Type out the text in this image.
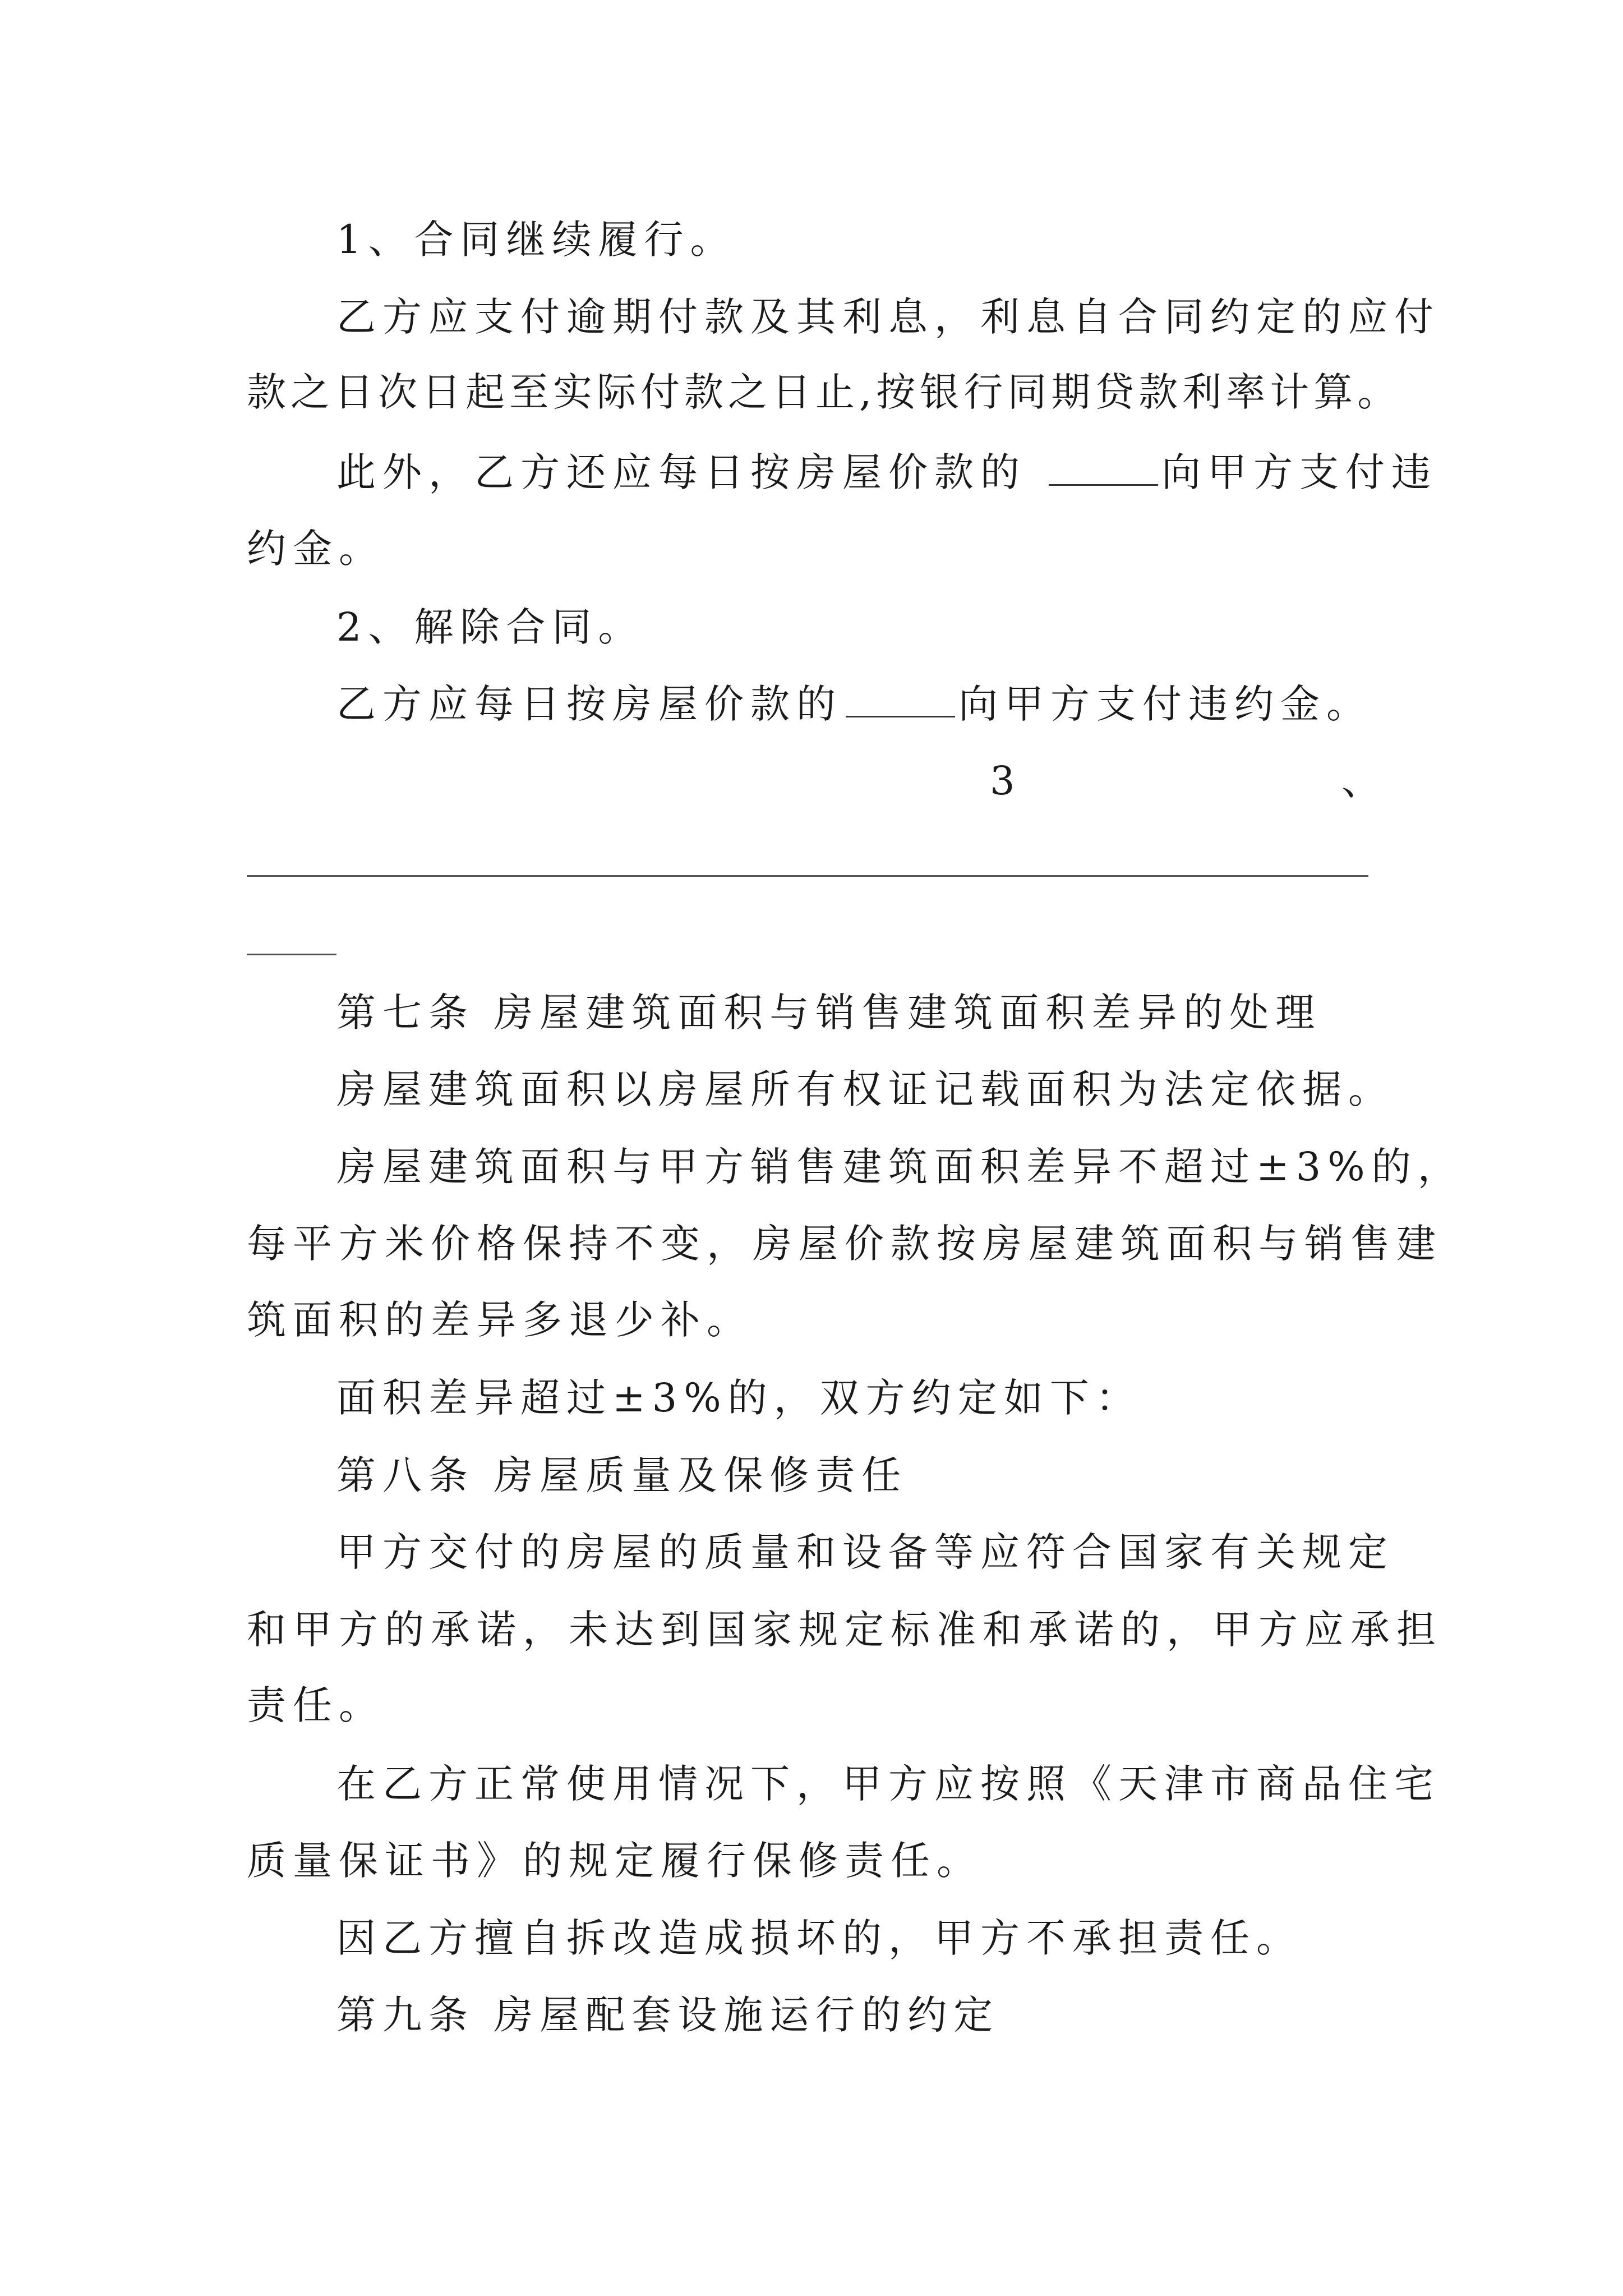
1、合同继续履行。
乙方应支付逾期付款及其利息，利息自合同约定的应付
款之日次日起至实际付款之日止,按银行同期贷款利率计算。
此外，乙方还应每日按房屋价款的	向甲方支付违
约金。
2、解除合同。
乙方应每日按房屋价款的	向甲方支付违约金。
3	、
第七条 房屋建筑面积与销售建筑面积差异的处理
房屋建筑面积以房屋所有权证记载面积为法定依据。
房屋建筑面积与甲方销售建筑面积差异不超过±3%的，
每平方米价格保持不变，房屋价款按房屋建筑面积与销售建
筑面积的差异多退少补。
面积差异超过±3%的，双方约定如下：
第八条 房屋质量及保修责任
甲方交付的房屋的质量和设备等应符合国家有关规定
和甲方的承诺，未达到国家规定标准和承诺的，甲方应承担
责任。
在乙方正常使用情况下，甲方应按照《天津市商品住宅
质量保证书》的规定履行保修责任。
因乙方擅自拆改造成损坏的，甲方不承担责任。
第九条 房屋配套设施运行的约定
